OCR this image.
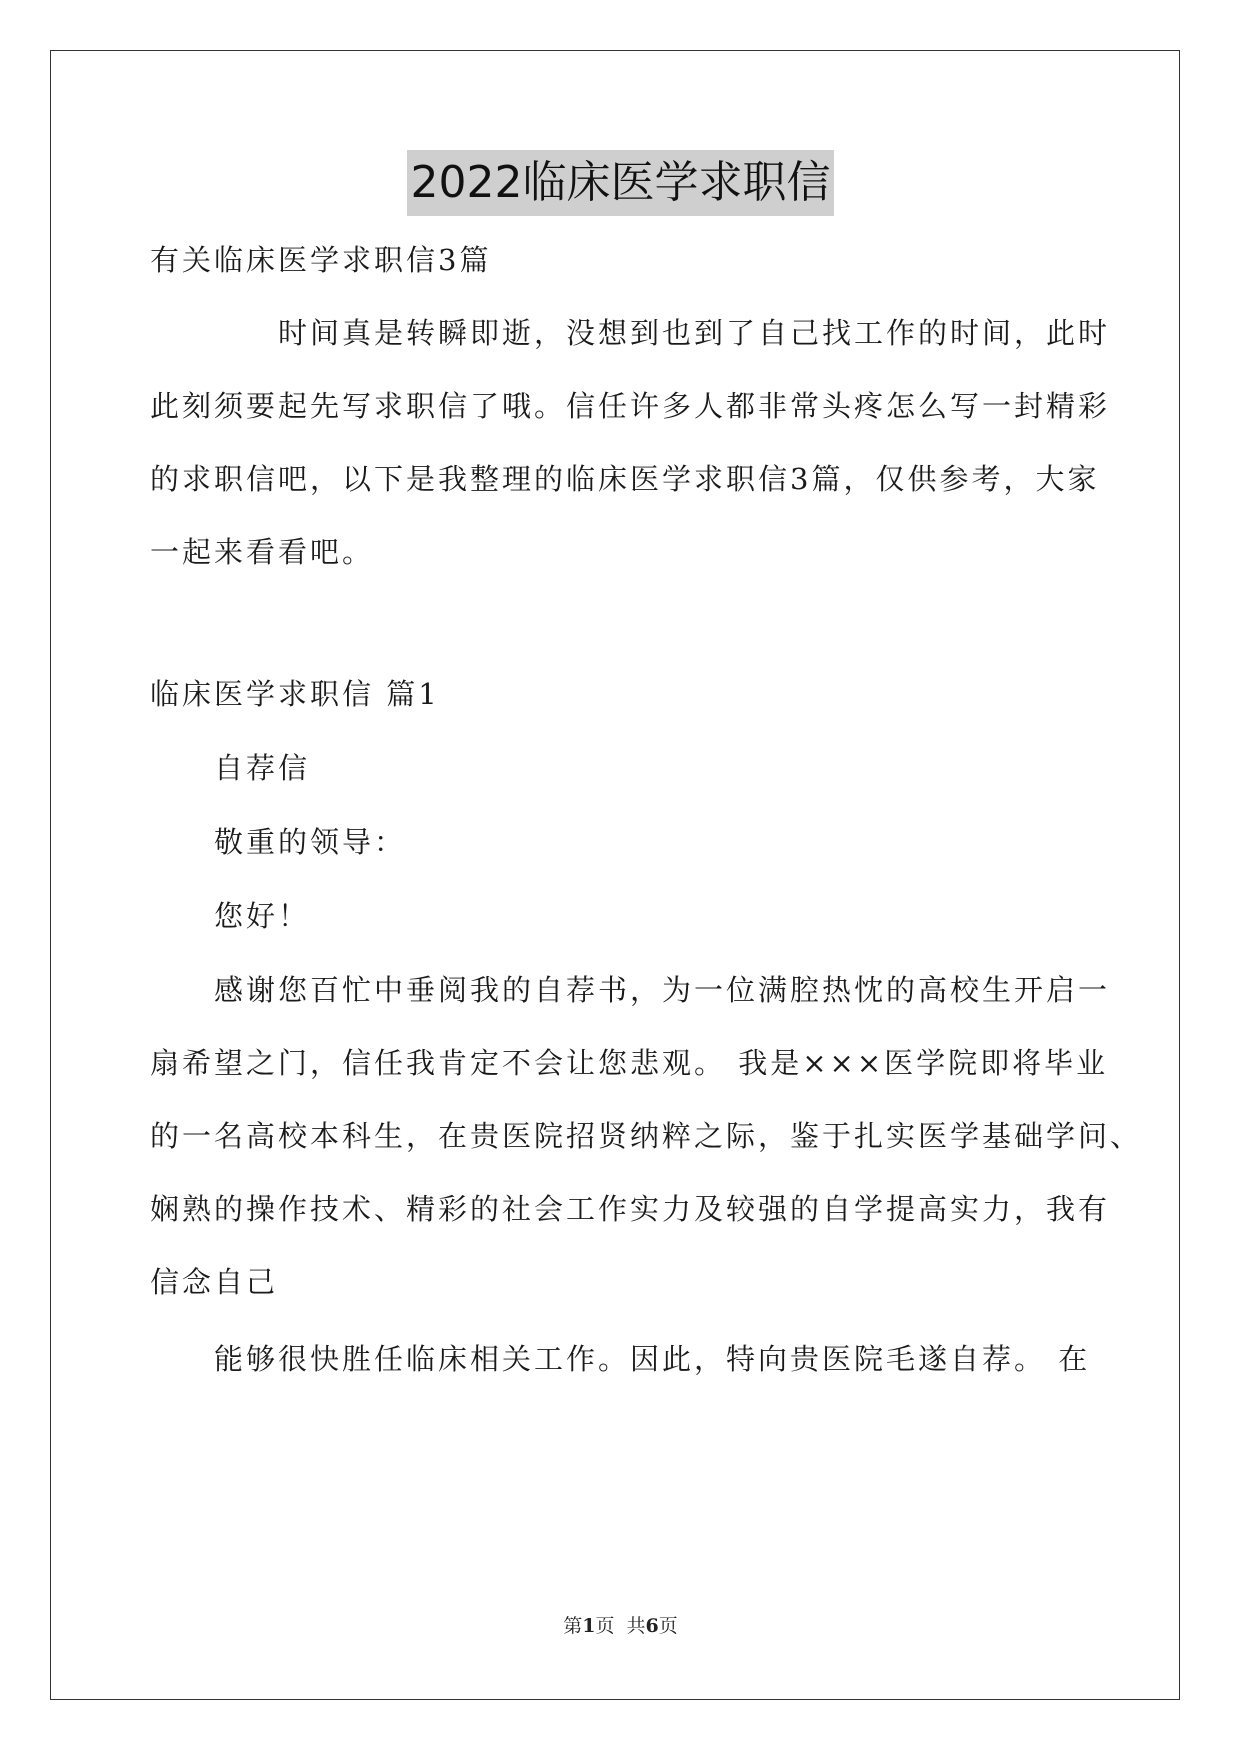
2022临床医学求职信
有关临床医学求职信3篇
时间真是转瞬即逝，没想到也到了自己找工作的时间，此时
此刻须要起先写求职信了哦。信任许多人都非常头疼怎么写一封精彩
的求职信吧，以下是我整理的临床医学求职信3篇，仅供参考，大家
一起来看看吧。
临床医学求职信 篇1
自荐信
敬重的领导：
您好！
感谢您百忙中垂阅我的自荐书，为一位满腔热忱的高校生开启一
扇希望之门，信任我肯定不会让您悲观。 我是×××医学院即将毕业
的一名高校本科生，在贵医院招贤纳粹之际，鉴于扎实医学基础学问、
娴熟的操作技术、精彩的社会工作实力及较强的自学提高实力，我有
信念自己
能够很快胜任临床相关工作。因此，特向贵医院毛遂自荐。 在
第1页  共6页
